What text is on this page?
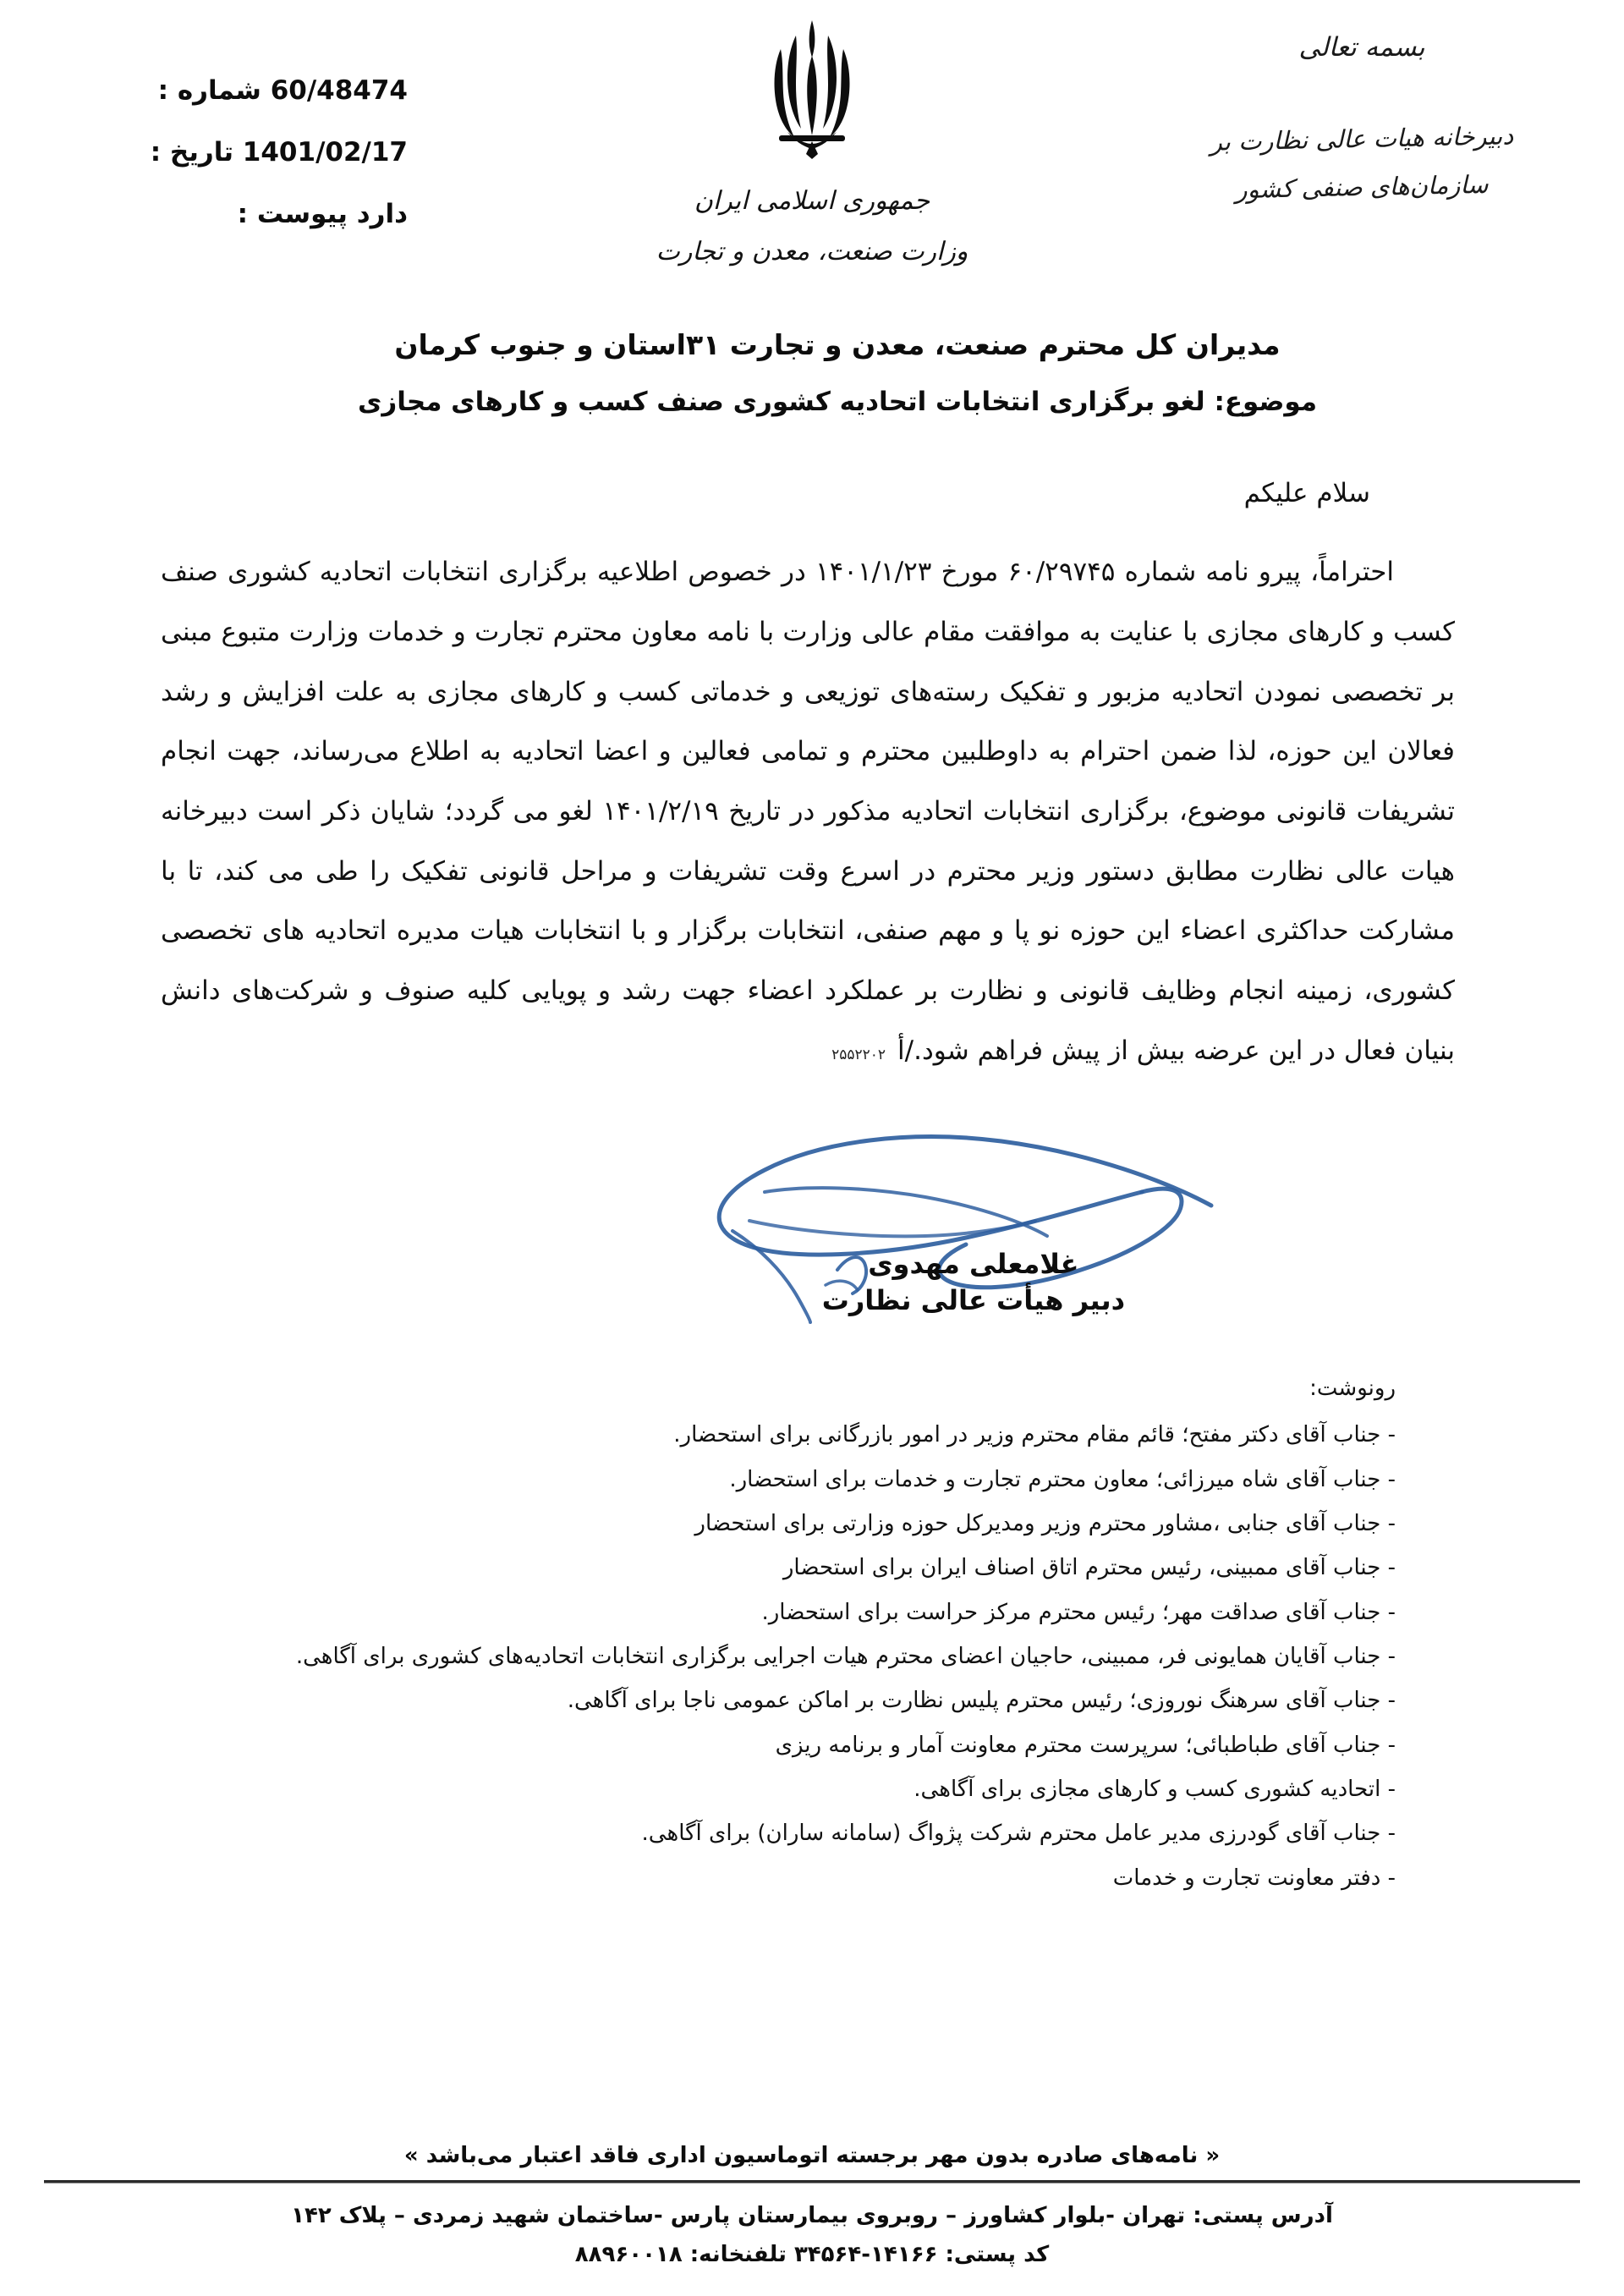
بسمه تعالی
دبیرخانه هیات عالی نظارت بر
سازمان‌های صنفی کشور
جمهوری اسلامی ایران
وزارت صنعت، معدن و تجارت
60/48474 شماره :
1401/02/17 تاریخ :
دارد پیوست :
مدیران کل محترم صنعت، معدن و تجارت ۳۱استان و جنوب کرمان
موضوع: لغو برگزاری انتخابات اتحادیه کشوری صنف کسب و کارهای مجازی
سلام علیکم

احتراماً، پیرو نامه شماره ۶۰/۲۹۷۴۵ مورخ ۱۴۰۱/۱/۲۳ در خصوص اطلاعیه برگزاری انتخابات اتحادیه کشوری صنف کسب و کارهای مجازی با عنایت به موافقت مقام عالی وزارت با نامه معاون محترم تجارت و خدمات وزارت متبوع مبنی بر تخصصی نمودن اتحادیه مزبور و تفکیک رسته‌های توزیعی و خدماتی کسب و کارهای مجازی به علت افزایش و رشد فعالان این حوزه، لذا ضمن احترام به داوطلبین محترم و تمامی فعالین و اعضا اتحادیه به اطلاع می‌رساند، جهت انجام تشریفات قانونی موضوع، برگزاری انتخابات اتحادیه مذکور در تاریخ ۱۴۰۱/۲/۱۹ لغو می گردد؛ شایان ذکر است دبیرخانه هیات عالی نظارت مطابق دستور وزیر محترم در اسرع وقت تشریفات و مراحل قانونی تفکیک را طی می کند، تا با مشارکت حداکثری اعضاء این حوزه نو پا و مهم صنفی، انتخابات برگزار و با انتخابات هیات مدیره اتحادیه های تخصصی کشوری، زمینه انجام وظایف قانونی و نظارت بر عملکرد اعضاء جهت رشد و پویایی کلیه صنوف و شرکت‌های دانش بنیان فعال در این عرضه بیش از پیش فراهم شود./أ۲۵۵۲۲۰۲

غلامعلی مهدوی
دبیر هیأت عالی نظارت
رونوشت:
- جناب آقای دکتر مفتح؛ قائم مقام محترم وزیر در امور بازرگانی برای استحضار.
- جناب آقای شاه میرزائی؛ معاون محترم تجارت و خدمات برای استحضار.
- جناب آقای جنابی ،مشاور محترم وزیر ومدیرکل حوزه وزارتی برای استحضار
- جناب آقای ممبینی، رئیس محترم اتاق اصناف ایران برای استحضار
- جناب آقای صداقت مهر؛ رئیس محترم مرکز حراست برای استحضار.
- جناب آقایان همایونی فر، ممبینی، حاجیان اعضای محترم هیات اجرایی برگزاری انتخابات اتحادیه‌های کشوری برای آگاهی.
- جناب آقای سرهنگ نوروزی؛ رئیس محترم پلیس نظارت بر اماکن عمومی ناجا برای آگاهی.
- جناب آقای طباطبائی؛ سرپرست محترم معاونت آمار و برنامه ریزی
- اتحادیه کشوری کسب و کارهای مجازی برای آگاهی.
- جناب آقای گودرزی مدیر عامل محترم شرکت پژواگ (سامانه ساران) برای آگاهی.
- دفتر معاونت تجارت و خدمات
« نامه‌های صادره بدون مهر برجسته اتوماسیون اداری فاقد اعتبار می‌باشد »
آدرس پستی: تهران -بلوار کشاورز – روبروی بیمارستان پارس -ساختمان شهید زمردی – پلاک ۱۴۲
کد پستی: ۱۴۱۶۶-۳۴۵۶۴ تلفنخانه: ۸۸۹۶۰۰۱۸
